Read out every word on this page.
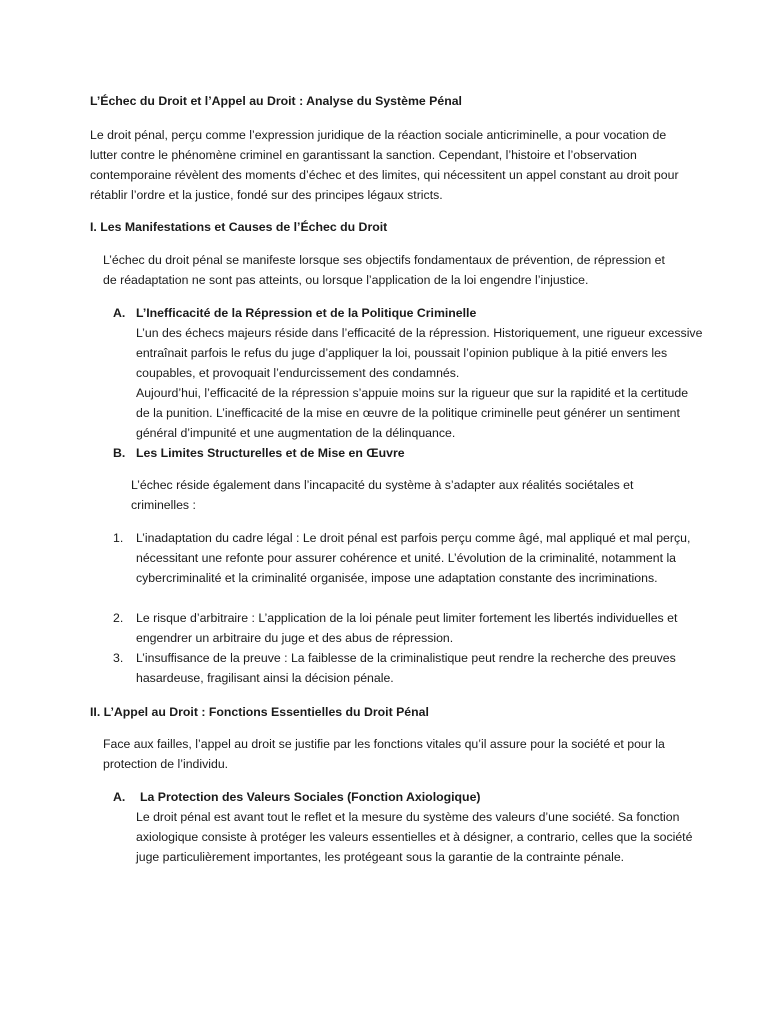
L’Échec du Droit et l’Appel au Droit : Analyse du Système Pénal

Le droit pénal, perçu comme l’expression juridique de la réaction sociale anticriminelle, a pour vocation de lutter contre le phénomène criminel en garantissant la sanction. Cependant, l’histoire et l’observation contemporaine révèlent des moments d’échec et des limites, qui nécessitent un appel constant au droit pour rétablir l’ordre et la justice, fondé sur des principes légaux stricts.

I. Les Manifestations et Causes de l’Échec du Droit

L’échec du droit pénal se manifeste lorsque ses objectifs fondamentaux de prévention, de répression et de réadaptation ne sont pas atteints, ou lorsque l’application de la loi engendre l’injustice.

A. L’Inefficacité de la Répression et de la Politique Criminelle
L’un des échecs majeurs réside dans l’efficacité de la répression. Historiquement, une rigueur excessive entraînait parfois le refus du juge d’appliquer la loi, poussait l’opinion publique à la pitié envers les coupables, et provoquait l’endurcissement des condamnés.
Aujourd’hui, l’efficacité de la répression s’appuie moins sur la rigueur que sur la rapidité et la certitude de la punition. L’inefficacité de la mise en œuvre de la politique criminelle peut générer un sentiment général d’impunité et une augmentation de la délinquance.
B. Les Limites Structurelles et de Mise en Œuvre

L’échec réside également dans l’incapacité du système à s’adapter aux réalités sociétales et criminelles :

1. L’inadaptation du cadre légal : Le droit pénal est parfois perçu comme âgé, mal appliqué et mal perçu, nécessitant une refonte pour assurer cohérence et unité. L’évolution de la criminalité, notamment la cybercriminalité et la criminalité organisée, impose une adaptation constante des incriminations.
2. Le risque d’arbitraire : L’application de la loi pénale peut limiter fortement les libertés individuelles et engendrer un arbitraire du juge et des abus de répression.
3. L’insuffisance de la preuve : La faiblesse de la criminalistique peut rendre la recherche des preuves hasardeuse, fragilisant ainsi la décision pénale.

II. L’Appel au Droit : Fonctions Essentielles du Droit Pénal

Face aux failles, l’appel au droit se justifie par les fonctions vitales qu’il assure pour la société et pour la protection de l’individu.

A.	La Protection des Valeurs Sociales (Fonction Axiologique)
Le droit pénal est avant tout le reflet et la mesure du système des valeurs d’une société. Sa fonction axiologique consiste à protéger les valeurs essentielles et à désigner, a contrario, celles que la société juge particulièrement importantes, les protégeant sous la garantie de la contrainte pénale.
